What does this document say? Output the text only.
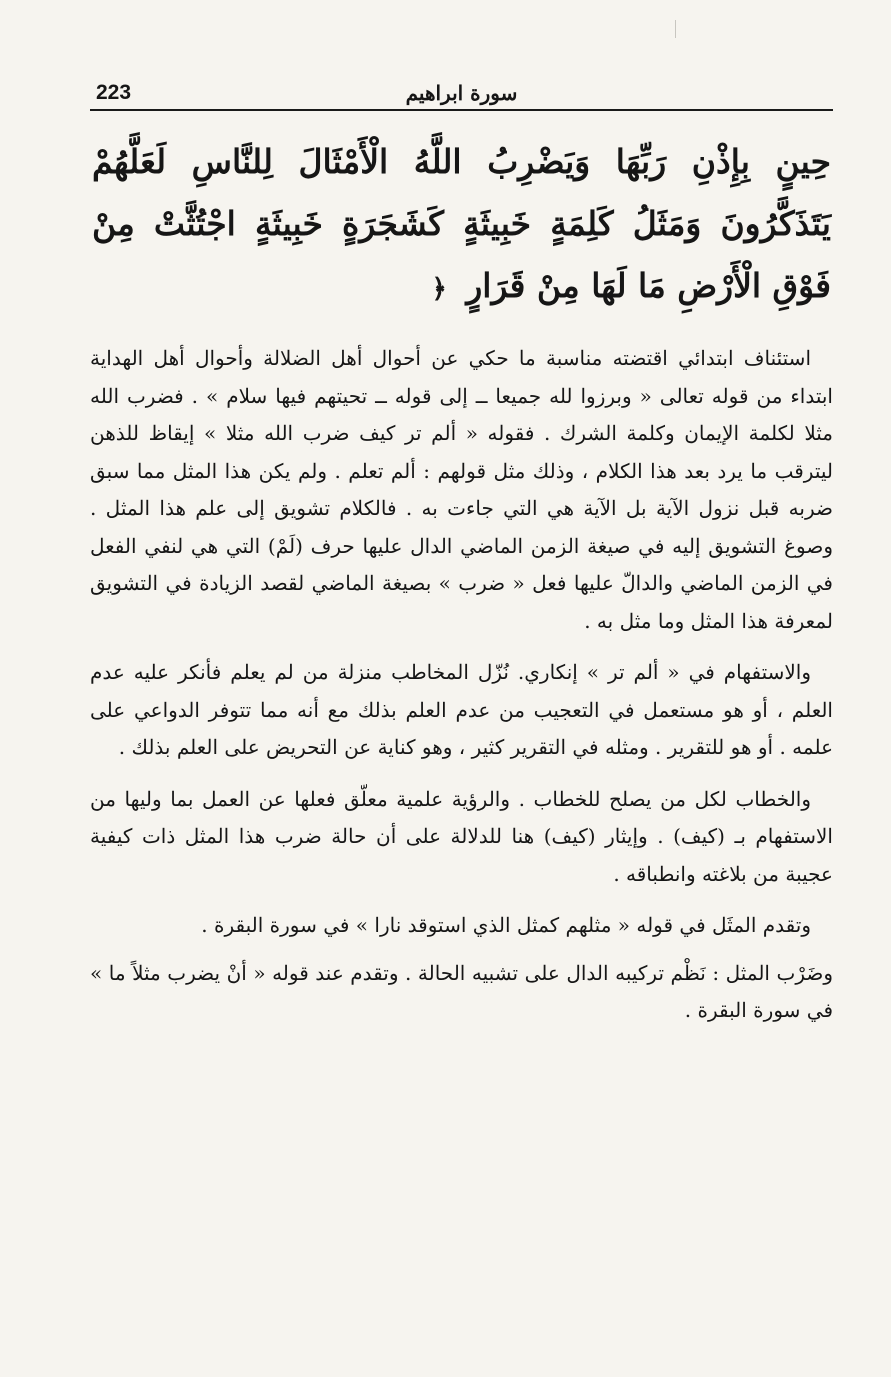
223	سورة ابراهيم
حِينٍ بِإِذْنِ رَبِّهَا وَيَضْرِبُ اللَّهُ الْأَمْثَالَ لِلنَّاسِ لَعَلَّهُمْ يَتَذَكَّرُونَ وَمَثَلُ كَلِمَةٍ خَبِيثَةٍ كَشَجَرَةٍ خَبِيثَةٍ اجْتُثَّتْ مِنْ فَوْقِ الْأَرْضِ مَا لَهَا مِنْ قَرَارٍ ﴿

استئناف ابتدائي اقتضته مناسبة ما حكي عن أحوال أهل الضلالة وأحوال أهل الهداية ابتداء من قوله تعالى « وبرزوا لله جميعا ــ إلى قوله ــ تحيتهم فيها سلام » . فضرب الله مثلا لكلمة الإيمان وكلمة الشرك . فقوله « ألم تر كيف ضرب الله مثلا » إيقاظ للذهن ليترقب ما يرد بعد هذا الكلام ، وذلك مثل قولهم : ألم تعلم . ولم يكن هذا المثل مما سبق ضربه قبل نزول الآية بل الآية هي التي جاءت به . فالكلام تشويق إلى علم هذا المثل . وصوغ التشويق إليه في صيغة الزمن الماضي الدال عليها حرف (لَمْ) التي هي لنفي الفعل في الزمن الماضي والدالّ عليها فعل « ضرب » بصيغة الماضي لقصد الزيادة في التشويق لمعرفة هذا المثل وما مثل به .

والاستفهام في « ألم تر » إنكاري. نُزّل المخاطب منزلة من لم يعلم فأنكر عليه عدم العلم ، أو هو مستعمل في التعجيب من عدم العلم بذلك مع أنه مما تتوفر الدواعي على علمه . أو هو للتقرير . ومثله في التقرير كثير ، وهو كناية عن التحريض على العلم بذلك .

والخطاب لكل من يصلح للخطاب . والرؤية علمية معلّق فعلها عن العمل بما وليها من الاستفهام بـ (كيف) . وإيثار (كيف) هنا للدلالة على أن حالة ضرب هذا المثل ذات كيفية عجيبة من بلاغته وانطباقه .

وتقدم المثَل في قوله « مثلهم كمثل الذي استوقد نارا » في سورة البقرة .

وضَرْب المثل : نَظْم تركيبه الدال على تشبيه الحالة . وتقدم عند قوله « أنْ يضرب مثلاً ما » في سورة البقرة .
